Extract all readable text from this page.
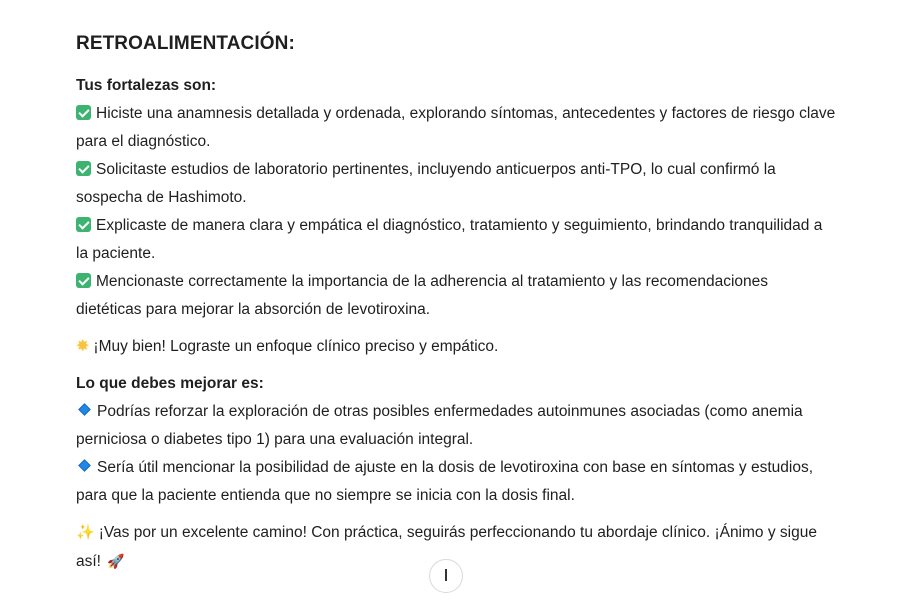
RETROALIMENTACIÓN:
Tus fortalezas son:

Hiciste una anamnesis detallada y ordenada, explorando síntomas, antecedentes y factores de riesgo clave para el diagnóstico.

Solicitaste estudios de laboratorio pertinentes, incluyendo anticuerpos anti-TPO, lo cual confirmó la sospecha de Hashimoto.

Explicaste de manera clara y empática el diagnóstico, tratamiento y seguimiento, brindando tranquilidad a la paciente.

Mencionaste correctamente la importancia de la adherencia al tratamiento y las recomendaciones dietéticas para mejorar la absorción de levotiroxina.

✸ ¡Muy bien! Lograste un enfoque clínico preciso y empático.

Lo que debes mejorar es:

Podrías reforzar la exploración de otras posibles enfermedades autoinmunes asociadas (como anemia perniciosa o diabetes tipo 1) para una evaluación integral.

Sería útil mencionar la posibilidad de ajuste en la dosis de levotiroxina con base en síntomas y estudios, para que la paciente entienda que no siempre se inicia con la dosis final.

✨ ¡Vas por un excelente camino! Con práctica, seguirás perfeccionando tu abordaje clínico. ¡Ánimo y sigue así! 🚀
